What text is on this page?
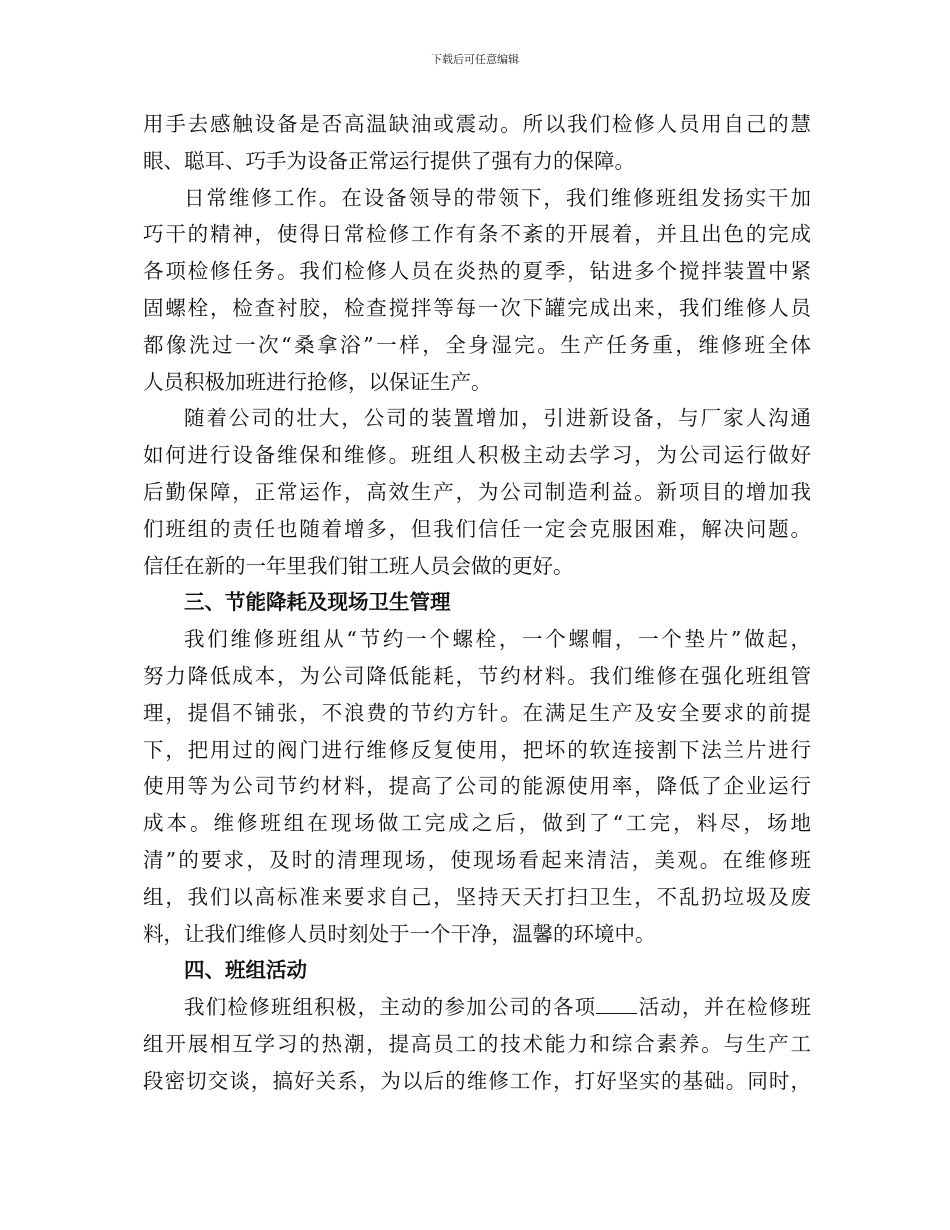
下载后可任意编辑
用手去感触设备是否高温缺油或震动。所以我们检修人员用自己的慧
眼、聪耳、巧手为设备正常运行提供了强有力的保障。
日常维修工作。在设备领导的带领下，我们维修班组发扬实干加
巧干的精神，使得日常检修工作有条不紊的开展着，并且出色的完成
各项检修任务。我们检修人员在炎热的夏季，钻进多个搅拌装置中紧
固螺栓，检查衬胶，检查搅拌等每一次下罐完成出来，我们维修人员
都像洗过一次“桑拿浴”一样，全身湿完。生产任务重，维修班全体
人员积极加班进行抢修，以保证生产。
随着公司的壮大，公司的装置增加，引进新设备，与厂家人沟通
如何进行设备维保和维修。班组人积极主动去学习，为公司运行做好
后勤保障，正常运作，高效生产，为公司制造利益。新项目的增加我
们班组的责任也随着增多，但我们信任一定会克服困难，解决问题。
信任在新的一年里我们钳工班人员会做的更好。
三、节能降耗及现场卫生管理
我们维修班组从“节约一个螺栓，一个螺帽，一个垫片”做起，
努力降低成本，为公司降低能耗，节约材料。我们维修在强化班组管
理，提倡不铺张，不浪费的节约方针。在满足生产及安全要求的前提
下，把用过的阀门进行维修反复使用，把坏的软连接割下法兰片进行
使用等为公司节约材料，提高了公司的能源使用率，降低了企业运行
成本。维修班组在现场做工完成之后，做到了“工完，料尽，场地
清”的要求，及时的清理现场，使现场看起来清洁，美观。在维修班
组，我们以高标准来要求自己，坚持天天打扫卫生，不乱扔垃圾及废
料，让我们维修人员时刻处于一个干净，温馨的环境中。
四、班组活动
我们检修班组积极，主动的参加公司的各项 活动，并在检修班
组开展相互学习的热潮，提高员工的技术能力和综合素养。与生产工
段密切交谈，搞好关系，为以后的维修工作，打好坚实的基础。同时，
